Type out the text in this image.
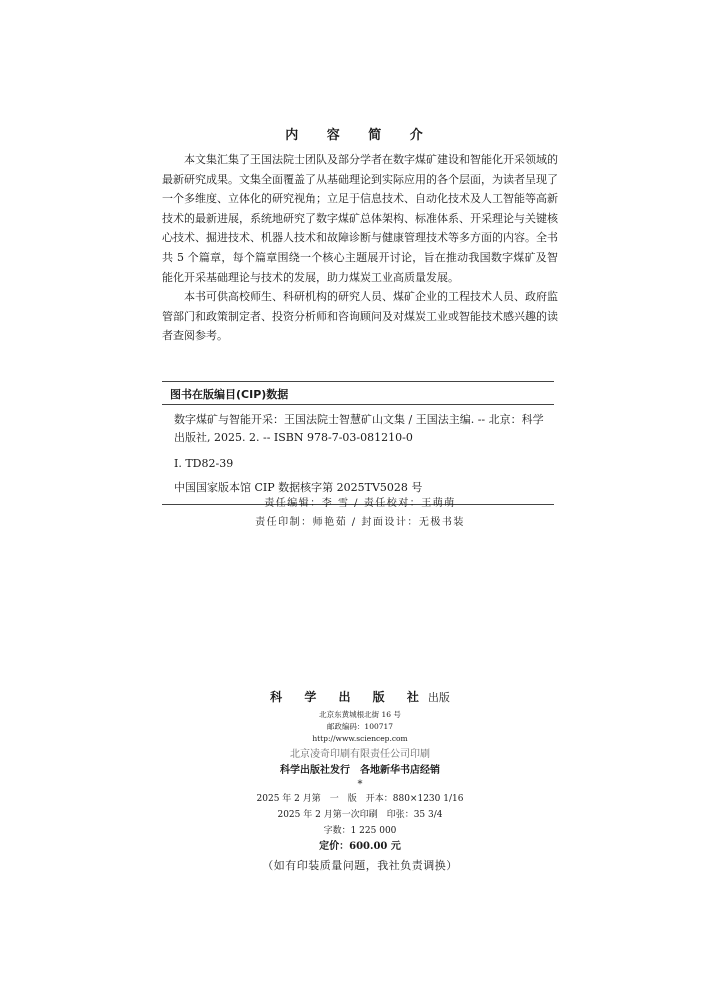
内 容 简 介

本文集汇集了王国法院士团队及部分学者在数字煤矿建设和智能化开采领域的最新研究成果。文集全面覆盖了从基础理论到实际应用的各个层面，为读者呈现了一个多维度、立体化的研究视角；立足于信息技术、自动化技术及人工智能等高新技术的最新进展，系统地研究了数字煤矿总体架构、标准体系、开采理论与关键核心技术、掘进技术、机器人技术和故障诊断与健康管理技术等多方面的内容。全书共 5 个篇章，每个篇章围绕一个核心主题展开讨论，旨在推动我国数字煤矿及智能化开采基础理论与技术的发展，助力煤炭工业高质量发展。

本书可供高校师生、科研机构的研究人员、煤矿企业的工程技术人员、政府监管部门和政策制定者、投资分析师和咨询顾问及对煤炭工业或智能技术感兴趣的读者查阅参考。

图书在版编目(CIP)数据
数字煤矿与智能开采：王国法院士智慧矿山文集 / 王国法主编. -- 北京：科学出版社, 2025. 2. -- ISBN 978-7-03-081210-0
Ⅰ. TD82-39
中国国家版本馆 CIP 数据核字第 2025TV5028 号
责任编辑：李 雪 / 责任校对：王萌萌
责任印制：师艳茹 / 封面设计：无极书装
科 学 出 版 社出版
北京东黄城根北街 16 号
邮政编码：100717
http://www.sciencep.com
北京凌奇印刷有限责任公司印刷
科学出版社发行　各地新华书店经销
*
2025 年 2 月第　一　版　开本：880×1230 1/16
2025 年 2 月第一次印刷　印张：35 3/4
字数：1 225 000
定价：600.00 元
（如有印装质量问题，我社负责调换）
